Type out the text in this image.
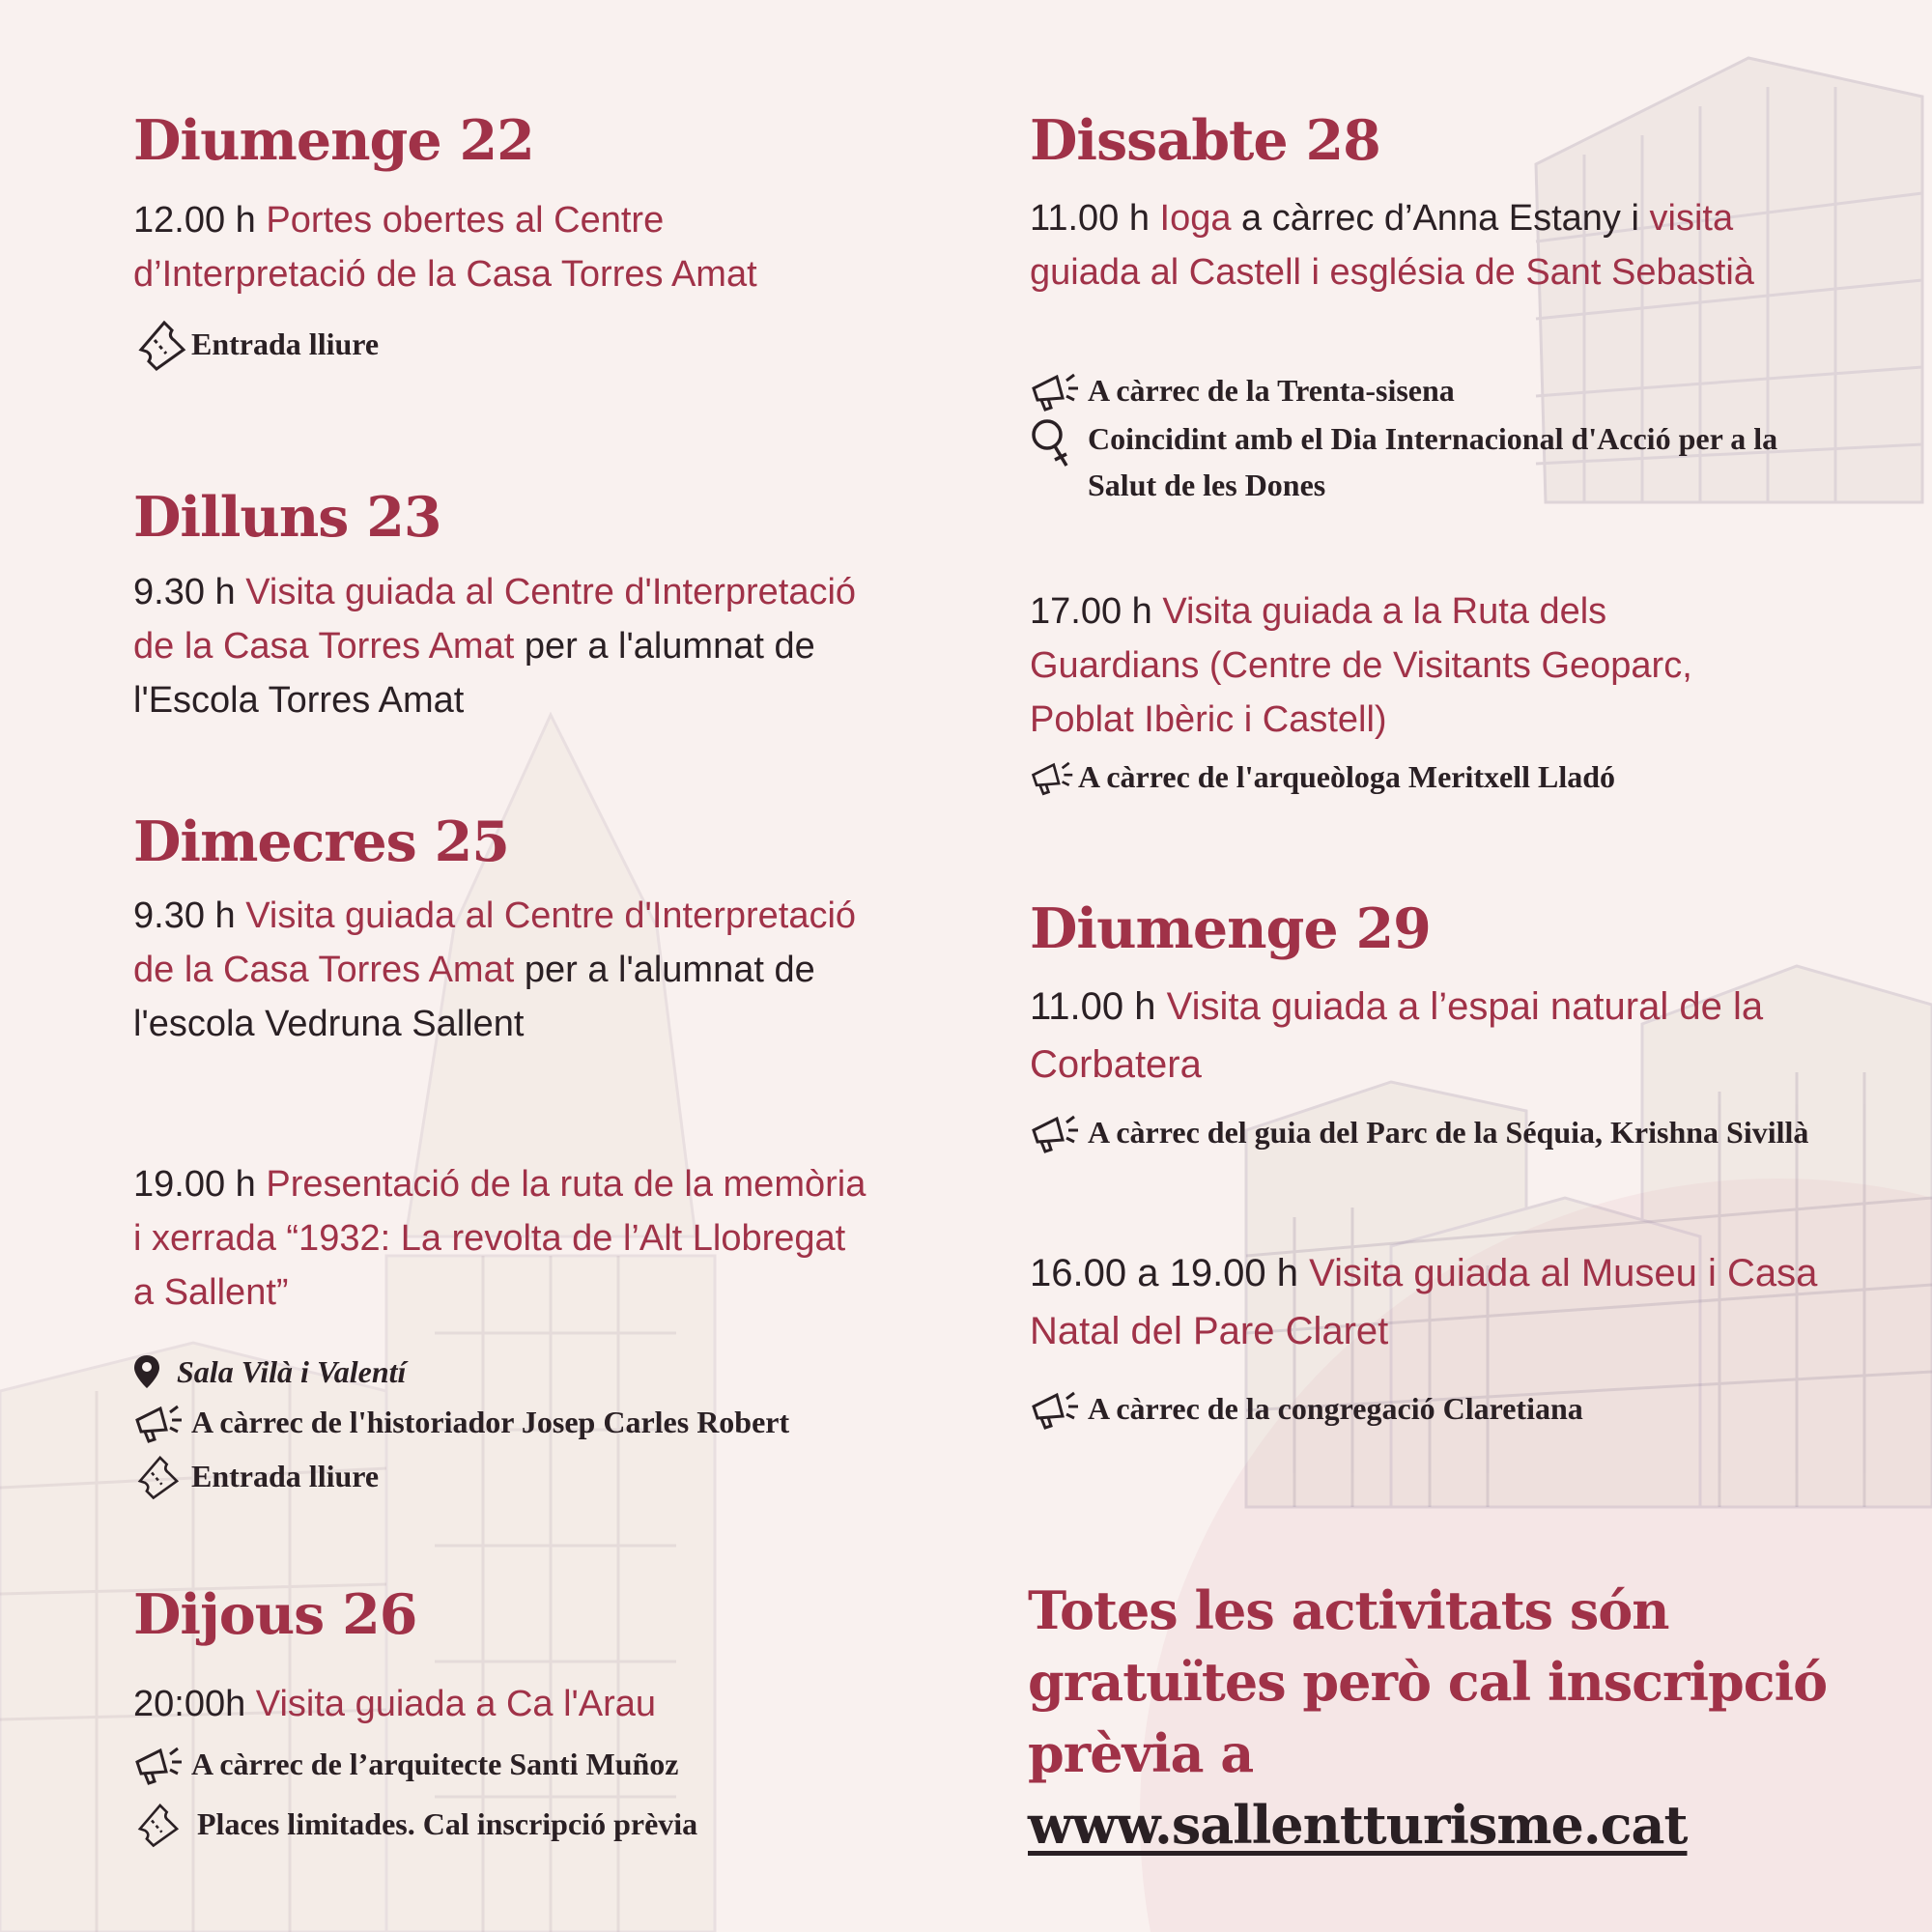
Diumenge 22

12.00 h Portes obertes al Centre d’Interpretació de la Casa Torres Amat

Entrada lliure
Dilluns 23

9.30 h Visita guiada al Centre d'Interpretació de la Casa Torres Amat per a l'alumnat de l'Escola Torres Amat

Dimecres 25

9.30 h Visita guiada al Centre d'Interpretació de la Casa Torres Amat per a l'alumnat de l'escola Vedruna Sallent

19.00 h Presentació de la ruta de la memòria i xerrada “1932: La revolta de l’Alt Llobregat a Sallent”

Sala Vilà i Valentí
A càrrec de l'historiador Josep Carles Robert
Entrada lliure
Dijous 26

20:00h Visita guiada a Ca l'Arau

A càrrec de l’arquitecte Santi Muñoz
Places limitades. Cal inscripció prèvia
Dissabte 28

11.00 h Ioga a càrrec d’Anna Estany i visita guiada al Castell i església de Sant Sebastià

A càrrec de la Trenta-sisena
Coincidint amb el Dia Internacional d'Acció per a la Salut de les Dones

17.00 h Visita guiada a la Ruta dels Guardians (Centre de Visitants Geoparc, Poblat Ibèric i Castell)

A càrrec de l'arqueòloga Meritxell Lladó
Diumenge 29

11.00 h Visita guiada a l’espai natural de la Corbatera

A càrrec del guia del Parc de la Séquia, Krishna Sivillà

16.00 a 19.00 h Visita guiada al Museu i Casa Natal del Pare Claret

A càrrec de la congregació Claretiana

Totes les activitats són gratuïtes però cal inscripció prèvia a
www.sallentturisme.cat
